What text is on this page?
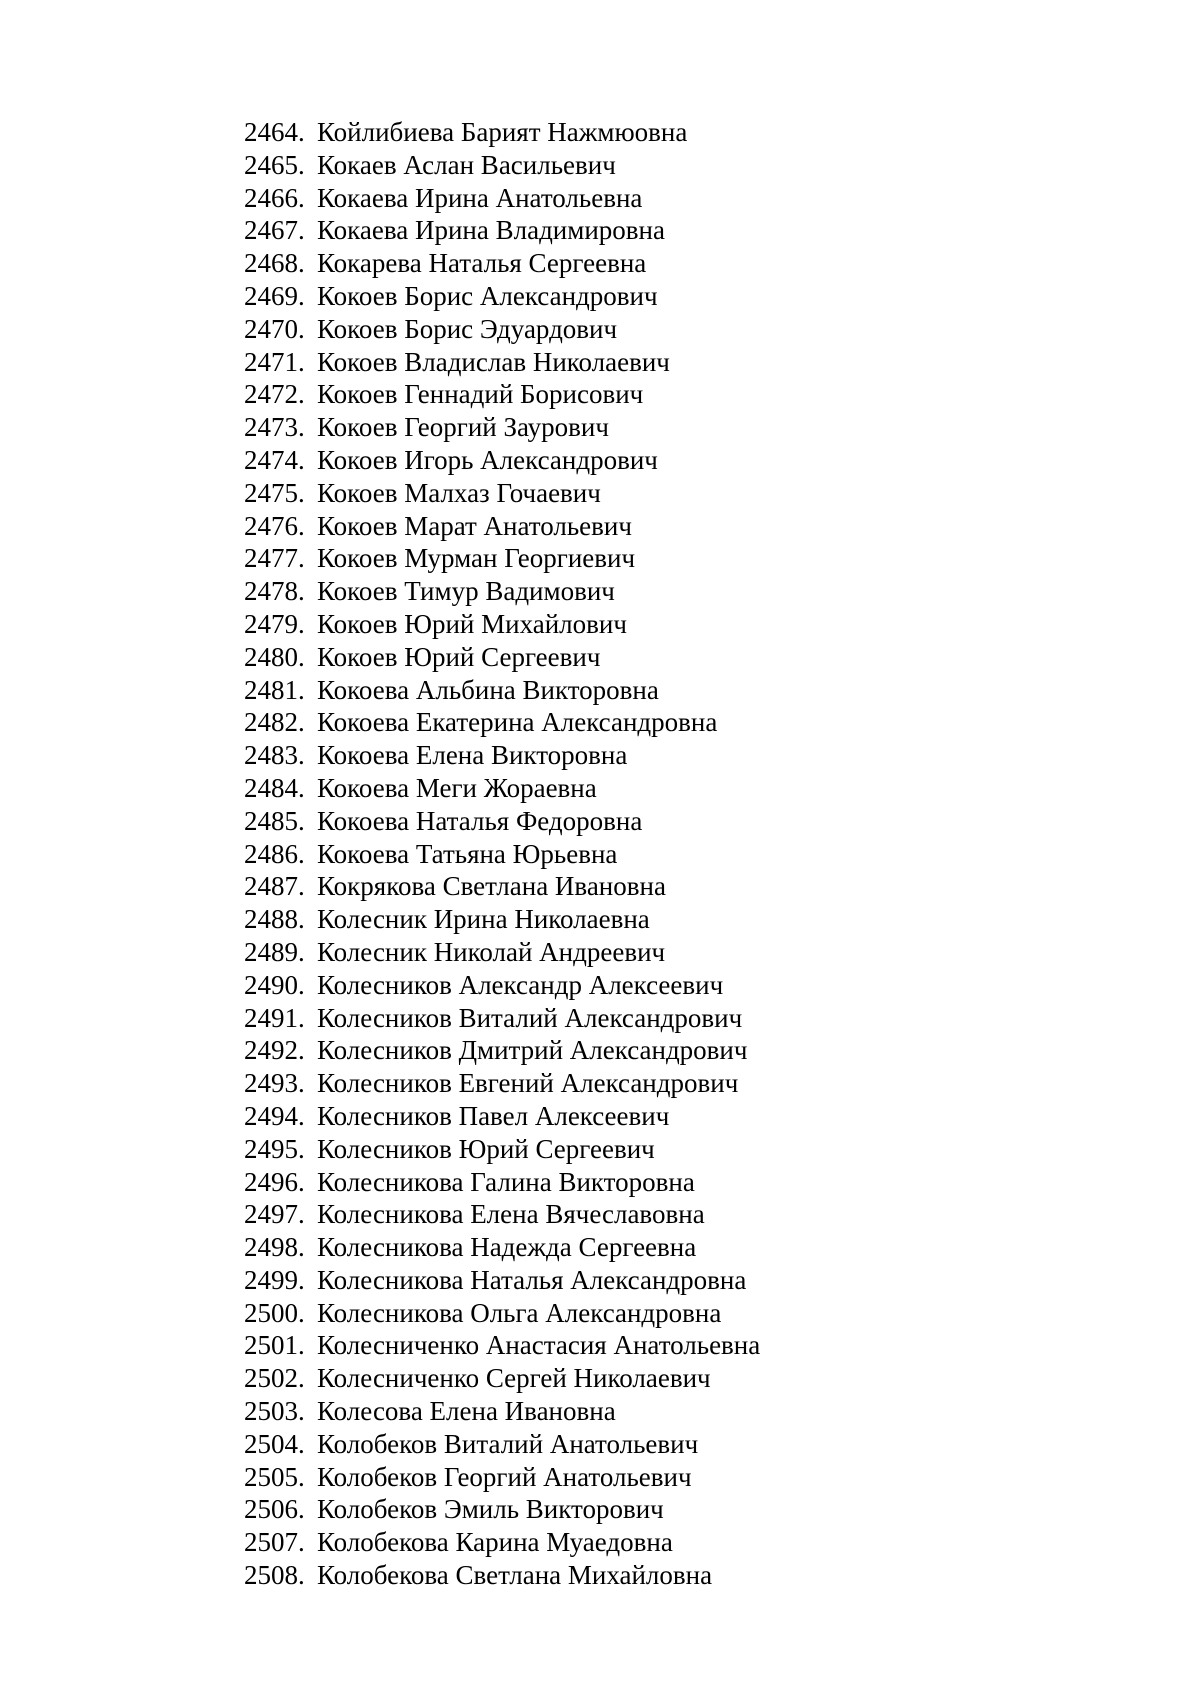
2464. Койлибиева Барият Нажмюовна
2465. Кокаев Аслан Васильевич
2466. Кокаева Ирина Анатольевна
2467. Кокаева Ирина Владимировна
2468. Кокарева Наталья Сергеевна
2469. Кокоев Борис Александрович
2470. Кокоев Борис Эдуардович
2471. Кокоев Владислав Николаевич
2472. Кокоев Геннадий Борисович
2473. Кокоев Георгий Заурович
2474. Кокоев Игорь Александрович
2475. Кокоев Малхаз Гочаевич
2476. Кокоев Марат Анатольевич
2477. Кокоев Мурман Георгиевич
2478. Кокоев Тимур Вадимович
2479. Кокоев Юрий Михайлович
2480. Кокоев Юрий Сергеевич
2481. Кокоева Альбина Викторовна
2482. Кокоева Екатерина Александровна
2483. Кокоева Елена Викторовна
2484. Кокоева Меги Жораевна
2485. Кокоева Наталья Федоровна
2486. Кокоева Татьяна Юрьевна
2487. Кокрякова Светлана Ивановна
2488. Колесник Ирина Николаевна
2489. Колесник Николай Андреевич
2490. Колесников Александр Алексеевич
2491. Колесников Виталий Александрович
2492. Колесников Дмитрий Александрович
2493. Колесников Евгений Александрович
2494. Колесников Павел Алексеевич
2495. Колесников Юрий Сергеевич
2496. Колесникова Галина Викторовна
2497. Колесникова Елена Вячеславовна
2498. Колесникова Надежда Сергеевна
2499. Колесникова Наталья Александровна
2500. Колесникова Ольга Александровна
2501. Колесниченко Анастасия Анатольевна
2502. Колесниченко Сергей Николаевич
2503. Колесова Елена Ивановна
2504. Колобеков Виталий Анатольевич
2505. Колобеков Георгий Анатольевич
2506. Колобеков Эмиль Викторович
2507. Колобекова Карина Муаедовна
2508. Колобекова Светлана Михайловна
